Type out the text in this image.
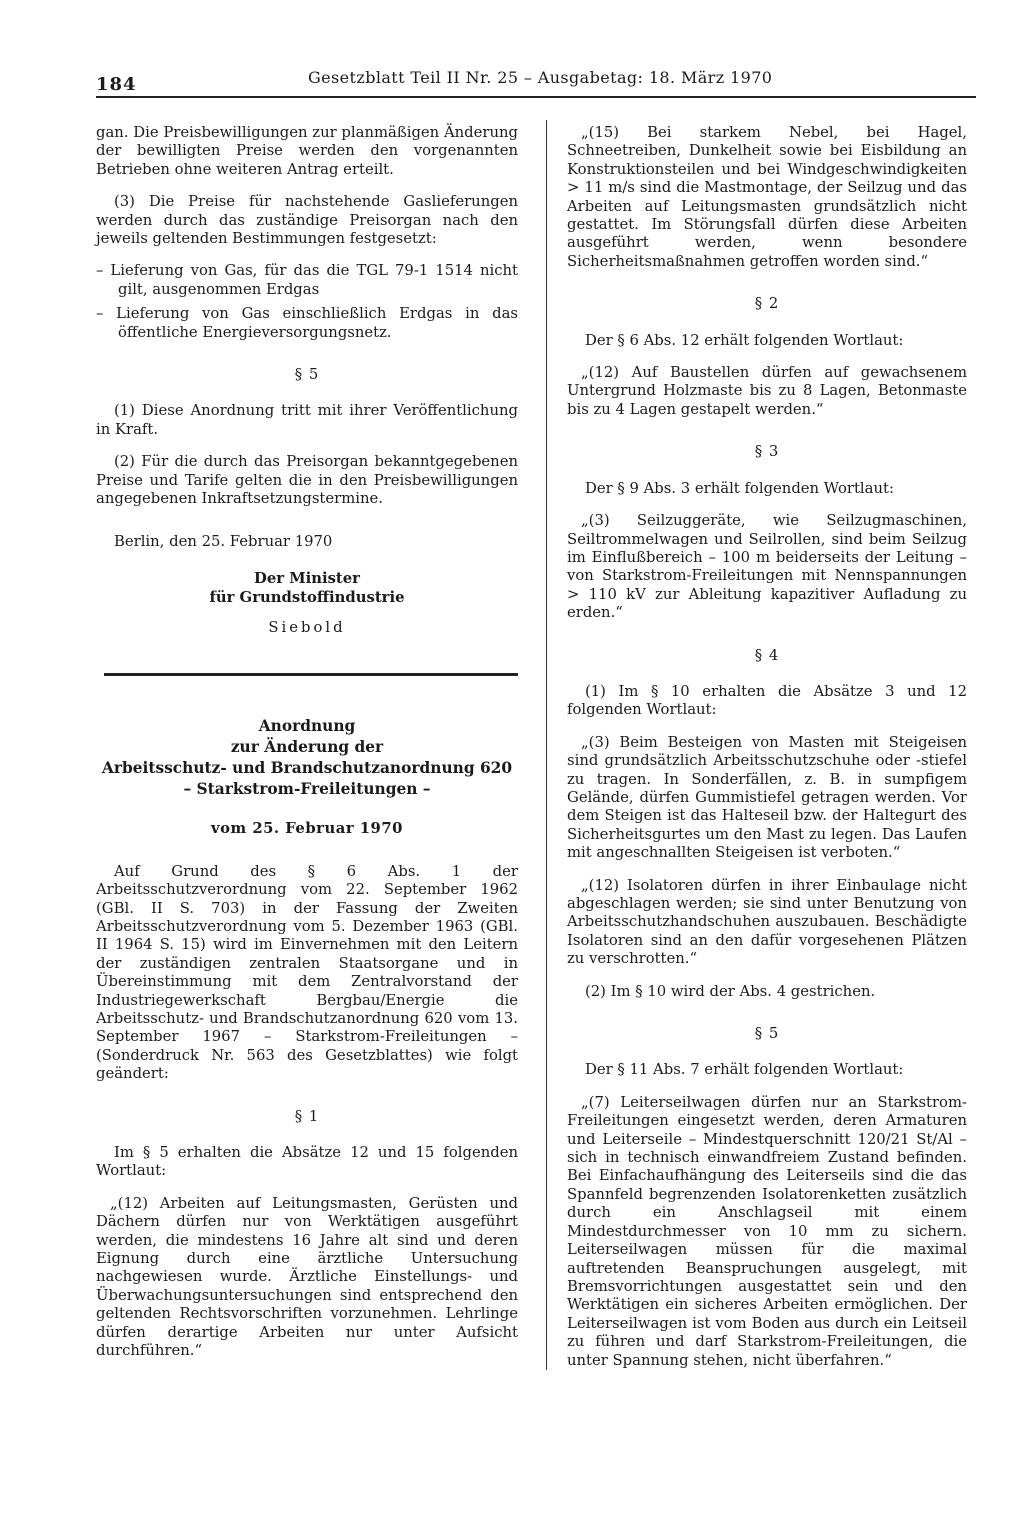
184	Gesetzblatt Teil II Nr. 25 – Ausgabetag: 18. März 1970

gan. Die Preisbewilligungen zur planmäßigen Änderung der bewilligten Preise werden den vorgenannten Betrieben ohne weiteren Antrag erteilt.

(3) Die Preise für nachstehende Gaslieferungen werden durch das zuständige Preisorgan nach den jeweils geltenden Bestimmungen festgesetzt:

– Lieferung von Gas, für das die TGL 79-1 1514 nicht gilt, ausgenommen Erdgas

– Lieferung von Gas einschließlich Erdgas in das öffentliche Energieversorgungsnetz.

§ 5

(1) Diese Anordnung tritt mit ihrer Veröffentlichung in Kraft.

(2) Für die durch das Preisorgan bekanntgegebenen Preise und Tarife gelten die in den Preisbewilligungen angegebenen Inkraftsetzungstermine.

Berlin, den 25. Februar 1970

Der Minister
für Grundstoffindustrie
Siebold
Anordnung
zur Änderung der
Arbeitsschutz- und Brandschutzanordnung 620
– Starkstrom-Freileitungen –
vom 25. Februar 1970

Auf Grund des § 6 Abs. 1 der Arbeitsschutzverordnung vom 22. September 1962 (GBl. II S. 703) in der Fassung der Zweiten Arbeitsschutzverordnung vom 5. Dezember 1963 (GBl. II 1964 S. 15) wird im Einvernehmen mit den Leitern der zuständigen zentralen Staatsorgane und in Übereinstimmung mit dem Zentralvorstand der Industriegewerkschaft Bergbau/Energie die Arbeitsschutz- und Brandschutzanordnung 620 vom 13. September 1967 – Starkstrom-Freileitungen – (Sonderdruck Nr. 563 des Gesetzblattes) wie folgt geändert:

§ 1

Im § 5 erhalten die Absätze 12 und 15 folgenden Wortlaut:

„(12) Arbeiten auf Leitungsmasten, Gerüsten und Dächern dürfen nur von Werktätigen ausgeführt werden, die mindestens 16 Jahre alt sind und deren Eignung durch eine ärztliche Untersuchung nachgewiesen wurde. Ärztliche Einstellungs- und Überwachungsuntersuchungen sind entsprechend den geltenden Rechtsvorschriften vorzunehmen. Lehrlinge dürfen derartige Arbeiten nur unter Aufsicht durchführen.“

„(15) Bei starkem Nebel, bei Hagel, Schneetreiben, Dunkelheit sowie bei Eisbildung an Konstruktionsteilen und bei Windgeschwindigkeiten > 11 m/s sind die Mastmontage, der Seilzug und das Arbeiten auf Leitungsmasten grundsätzlich nicht gestattet. Im Störungsfall dürfen diese Arbeiten ausgeführt werden, wenn besondere Sicherheitsmaßnahmen getroffen worden sind.“

§ 2

Der § 6 Abs. 12 erhält folgenden Wortlaut:

„(12) Auf Baustellen dürfen auf gewachsenem Untergrund Holzmaste bis zu 8 Lagen, Betonmaste bis zu 4 Lagen gestapelt werden.“

§ 3

Der § 9 Abs. 3 erhält folgenden Wortlaut:

„(3) Seilzuggeräte, wie Seilzugmaschinen, Seiltrommelwagen und Seilrollen, sind beim Seilzug im Einflußbereich – 100 m beiderseits der Leitung – von Starkstrom-Freileitungen mit Nennspannungen > 110 kV zur Ableitung kapazitiver Aufladung zu erden.“

§ 4

(1) Im § 10 erhalten die Absätze 3 und 12 folgenden Wortlaut:

„(3) Beim Besteigen von Masten mit Steigeisen sind grundsätzlich Arbeitsschutzschuhe oder -stiefel zu tragen. In Sonderfällen, z. B. in sumpfigem Gelände, dürfen Gummistiefel getragen werden. Vor dem Steigen ist das Halteseil bzw. der Haltegurt des Sicherheitsgurtes um den Mast zu legen. Das Laufen mit angeschnallten Steigeisen ist verboten.“

„(12) Isolatoren dürfen in ihrer Einbaulage nicht abgeschlagen werden; sie sind unter Benutzung von Arbeitsschutzhandschuhen auszubauen. Beschädigte Isolatoren sind an den dafür vorgesehenen Plätzen zu verschrotten.“

(2) Im § 10 wird der Abs. 4 gestrichen.

§ 5

Der § 11 Abs. 7 erhält folgenden Wortlaut:

„(7) Leiterseilwagen dürfen nur an Starkstrom-Freileitungen eingesetzt werden, deren Armaturen und Leiterseile – Mindestquerschnitt 120/21 St/Al – sich in technisch einwandfreiem Zustand befinden. Bei Einfachaufhängung des Leiterseils sind die das Spannfeld begrenzenden Isolatorenketten zusätzlich durch ein Anschlagseil mit einem Mindestdurchmesser von 10 mm zu sichern. Leiterseilwagen müssen für die maximal auftretenden Beanspruchungen ausgelegt, mit Bremsvorrichtungen ausgestattet sein und den Werktätigen ein sicheres Arbeiten ermöglichen. Der Leiterseilwagen ist vom Boden aus durch ein Leitseil zu führen und darf Starkstrom-Freileitungen, die unter Spannung stehen, nicht überfahren.“
